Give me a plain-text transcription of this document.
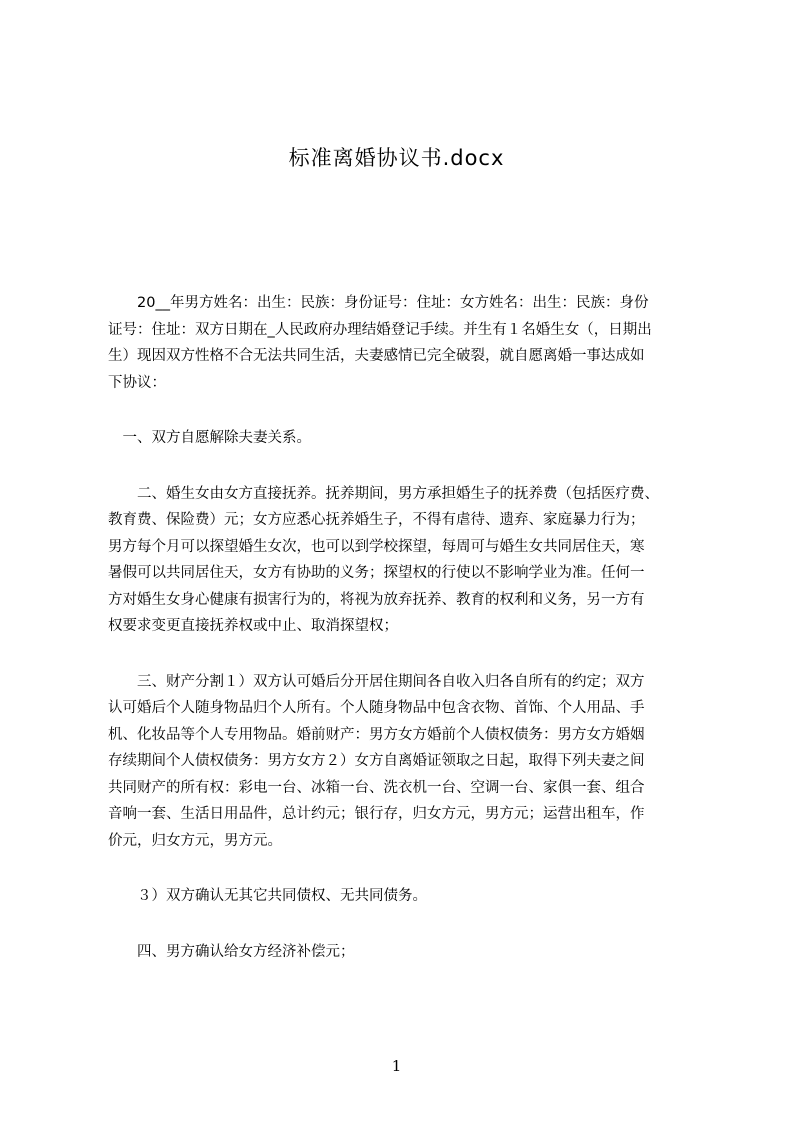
标准离婚协议书.docx
　　20__年男方姓名：出生：民族：身份证号：住址：女方姓名：出生：民族：身份
证号：住址：双方日期在_人民政府办理结婚登记手续。并生有１名婚生女（，日期出
生）现因双方性格不合无法共同生活，夫妻感情已完全破裂，就自愿离婚一事达成如
下协议：
　一、双方自愿解除夫妻关系。
　　二、婚生女由女方直接抚养。抚养期间，男方承担婚生子的抚养费（包括医疗费、
教育费、保险费）元；女方应悉心抚养婚生子，不得有虐待、遗弃、家庭暴力行为；
男方每个月可以探望婚生女次，也可以到学校探望，每周可与婚生女共同居住天，寒
暑假可以共同居住天，女方有协助的义务；探望权的行使以不影响学业为准。任何一
方对婚生女身心健康有损害行为的，将视为放弃抚养、教育的权利和义务，另一方有
权要求变更直接抚养权或中止、取消探望权；
　　三、财产分割１）双方认可婚后分开居住期间各自收入归各自所有的约定；双方
认可婚后个人随身物品归个人所有。个人随身物品中包含衣物、首饰、个人用品、手
机、化妆品等个人专用物品。婚前财产：男方女方婚前个人债权债务：男方女方婚姻
存续期间个人债权债务：男方女方２）女方自离婚证领取之日起，取得下列夫妻之间
共同财产的所有权：彩电一台、冰箱一台、洗衣机一台、空调一台、家俱一套、组合
音响一套、生活日用品件，总计约元；银行存，归女方元，男方元；运营出租车，作
价元，归女方元，男方元。
　　３）双方确认无其它共同债权、无共同债务。
　　四、男方确认给女方经济补偿元；
1
